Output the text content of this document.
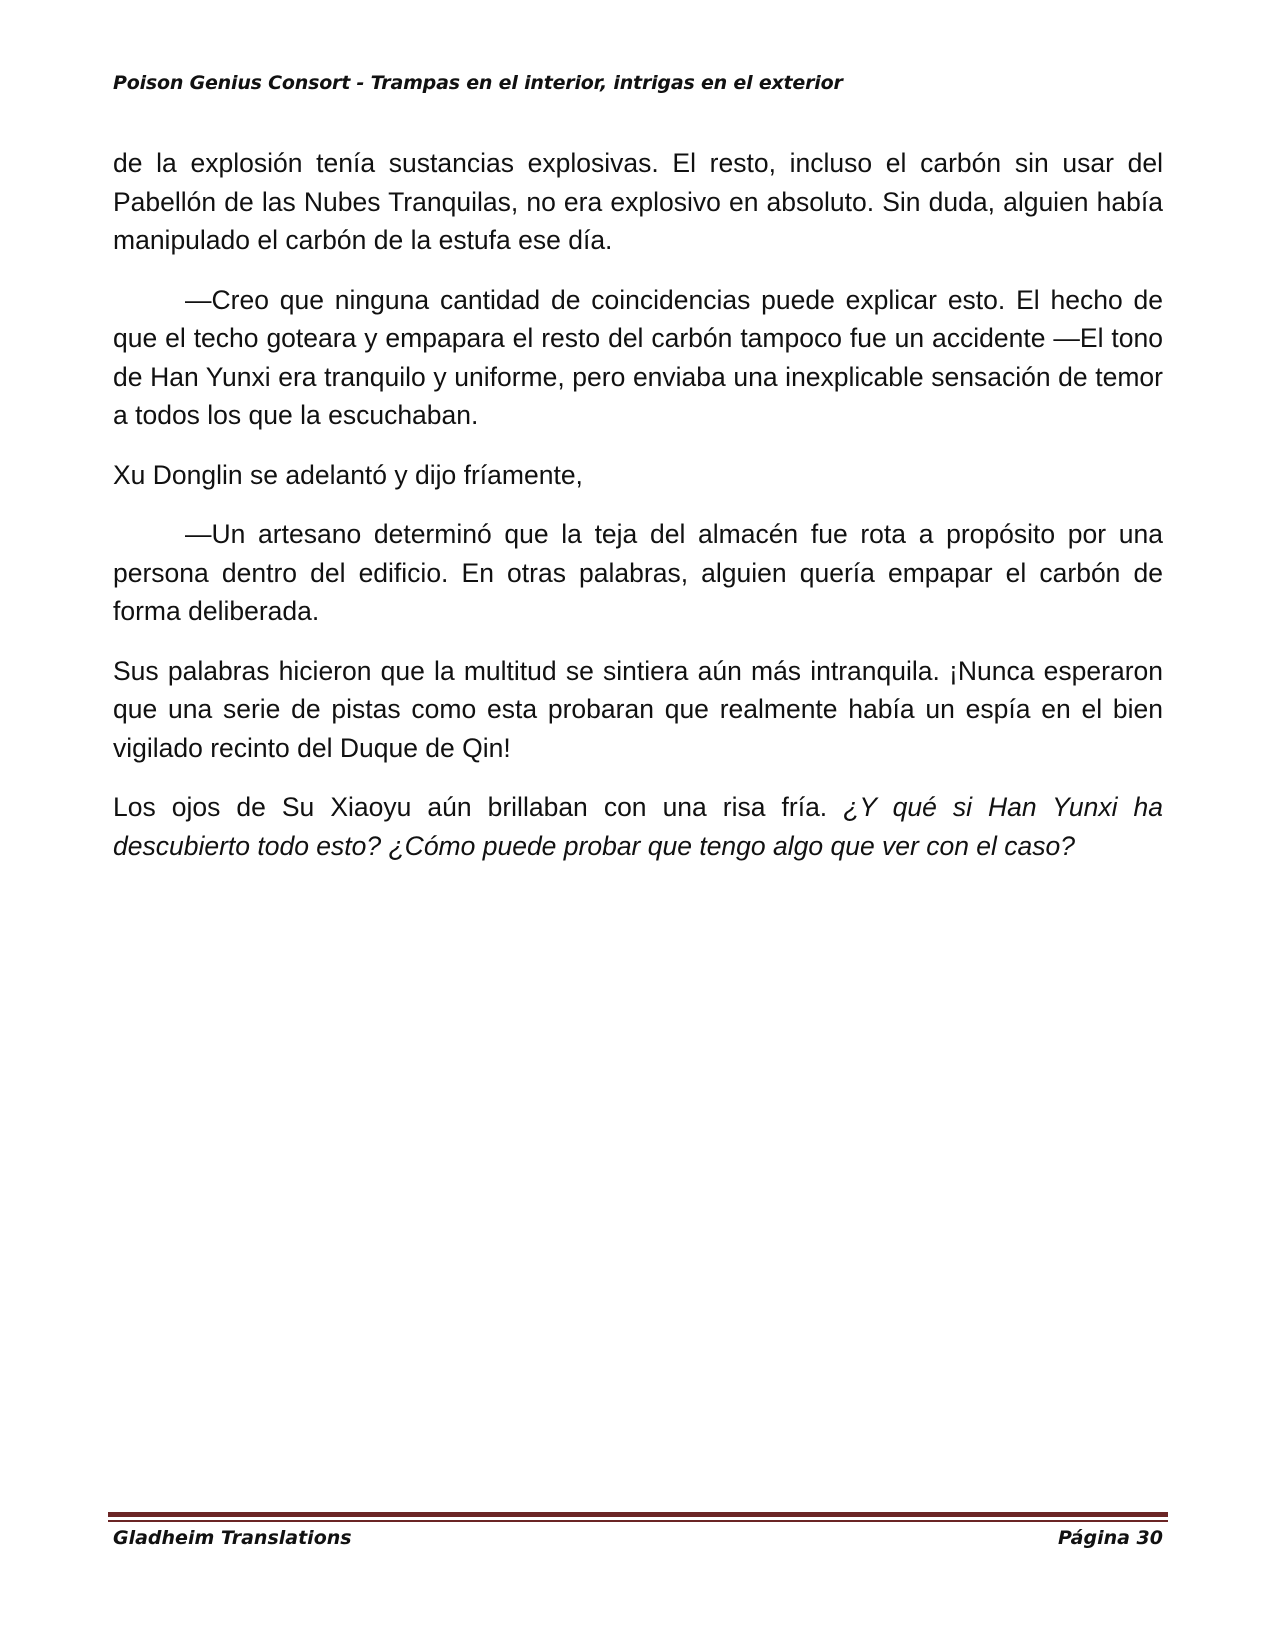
Poison Genius Consort - Trampas en el interior, intrigas en el exterior

de la explosión tenía sustancias explosivas. El resto, incluso el carbón sin usar del Pabellón de las Nubes Tranquilas, no era explosivo en absoluto. Sin duda, alguien había manipulado el carbón de la estufa ese día.

—Creo que ninguna cantidad de coincidencias puede explicar esto. El hecho de que el techo goteara y empapara el resto del carbón tampoco fue un accidente —El tono de Han Yunxi era tranquilo y uniforme, pero enviaba una inexplicable sensación de temor a todos los que la escuchaban.

Xu Donglin se adelantó y dijo fríamente,

—Un artesano determinó que la teja del almacén fue rota a propósito por una persona dentro del edificio. En otras palabras, alguien quería empapar el carbón de forma deliberada.

Sus palabras hicieron que la multitud se sintiera aún más intranquila. ¡Nunca esperaron que una serie de pistas como esta probaran que realmente había un espía en el bien vigilado recinto del Duque de Qin!

Los ojos de Su Xiaoyu aún brillaban con una risa fría. ¿Y qué si Han Yunxi ha descubierto todo esto? ¿Cómo puede probar que tengo algo que ver con el caso?

Gladheim Translations	Página 30
